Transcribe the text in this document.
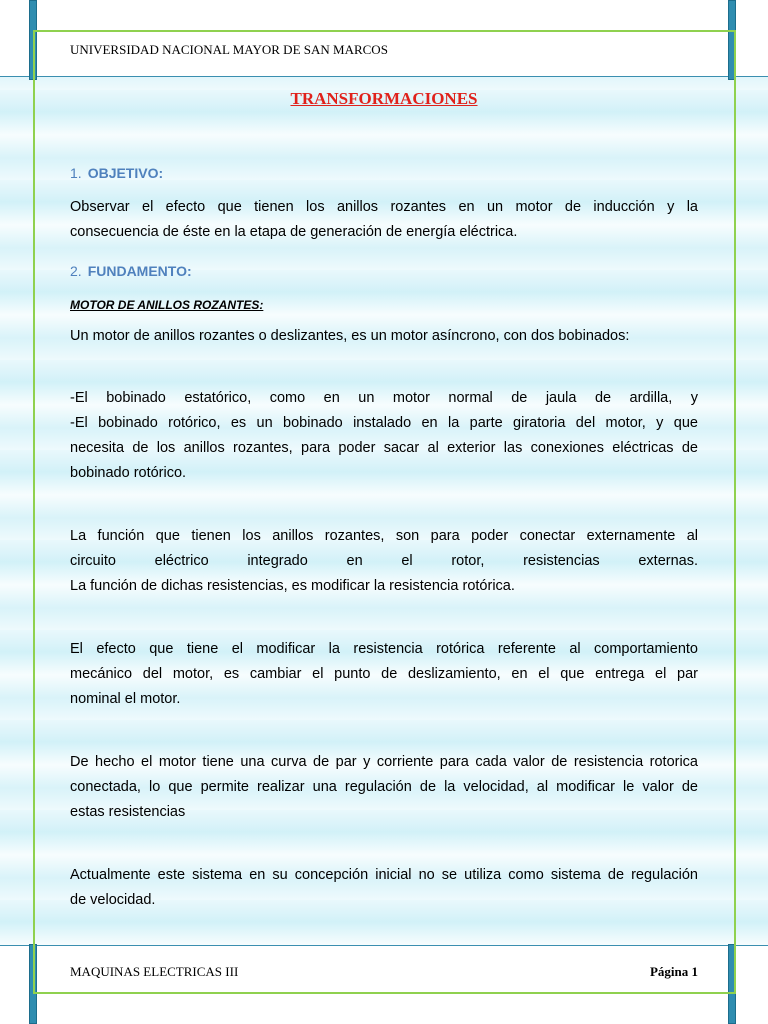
UNIVERSIDAD NACIONAL MAYOR DE SAN MARCOS
TRANSFORMACIONES
1. OBJETIVO:
Observar el efecto que tienen los anillos rozantes en un motor de inducción y la
consecuencia de éste en la etapa de generación de energía eléctrica.
2. FUNDAMENTO:
MOTOR DE ANILLOS ROZANTES:
Un motor de anillos rozantes o deslizantes, es un motor asíncrono, con dos bobinados:
-El bobinado estatórico, como en un motor normal de jaula de ardilla, y
-El bobinado rotórico, es un bobinado instalado en la parte giratoria del motor, y que
necesita de los anillos rozantes, para poder sacar al exterior las conexiones eléctricas de
bobinado rotórico.
La función que tienen los anillos rozantes, son para poder conectar externamente al
circuito eléctrico integrado en el rotor, resistencias externas.
La función de dichas resistencias, es modificar la resistencia rotórica.
El efecto que tiene el modificar la resistencia rotórica referente al comportamiento
mecánico del motor, es cambiar el punto de deslizamiento, en el que entrega el par
nominal el motor.
De hecho el motor tiene una curva de par y corriente para cada valor de resistencia rotorica
conectada, lo que permite realizar una regulación de la velocidad, al modificar le valor de
estas resistencias
Actualmente este sistema en su concepción inicial no se utiliza como sistema de regulación
de velocidad.
MAQUINAS ELECTRICAS III	Página 1
